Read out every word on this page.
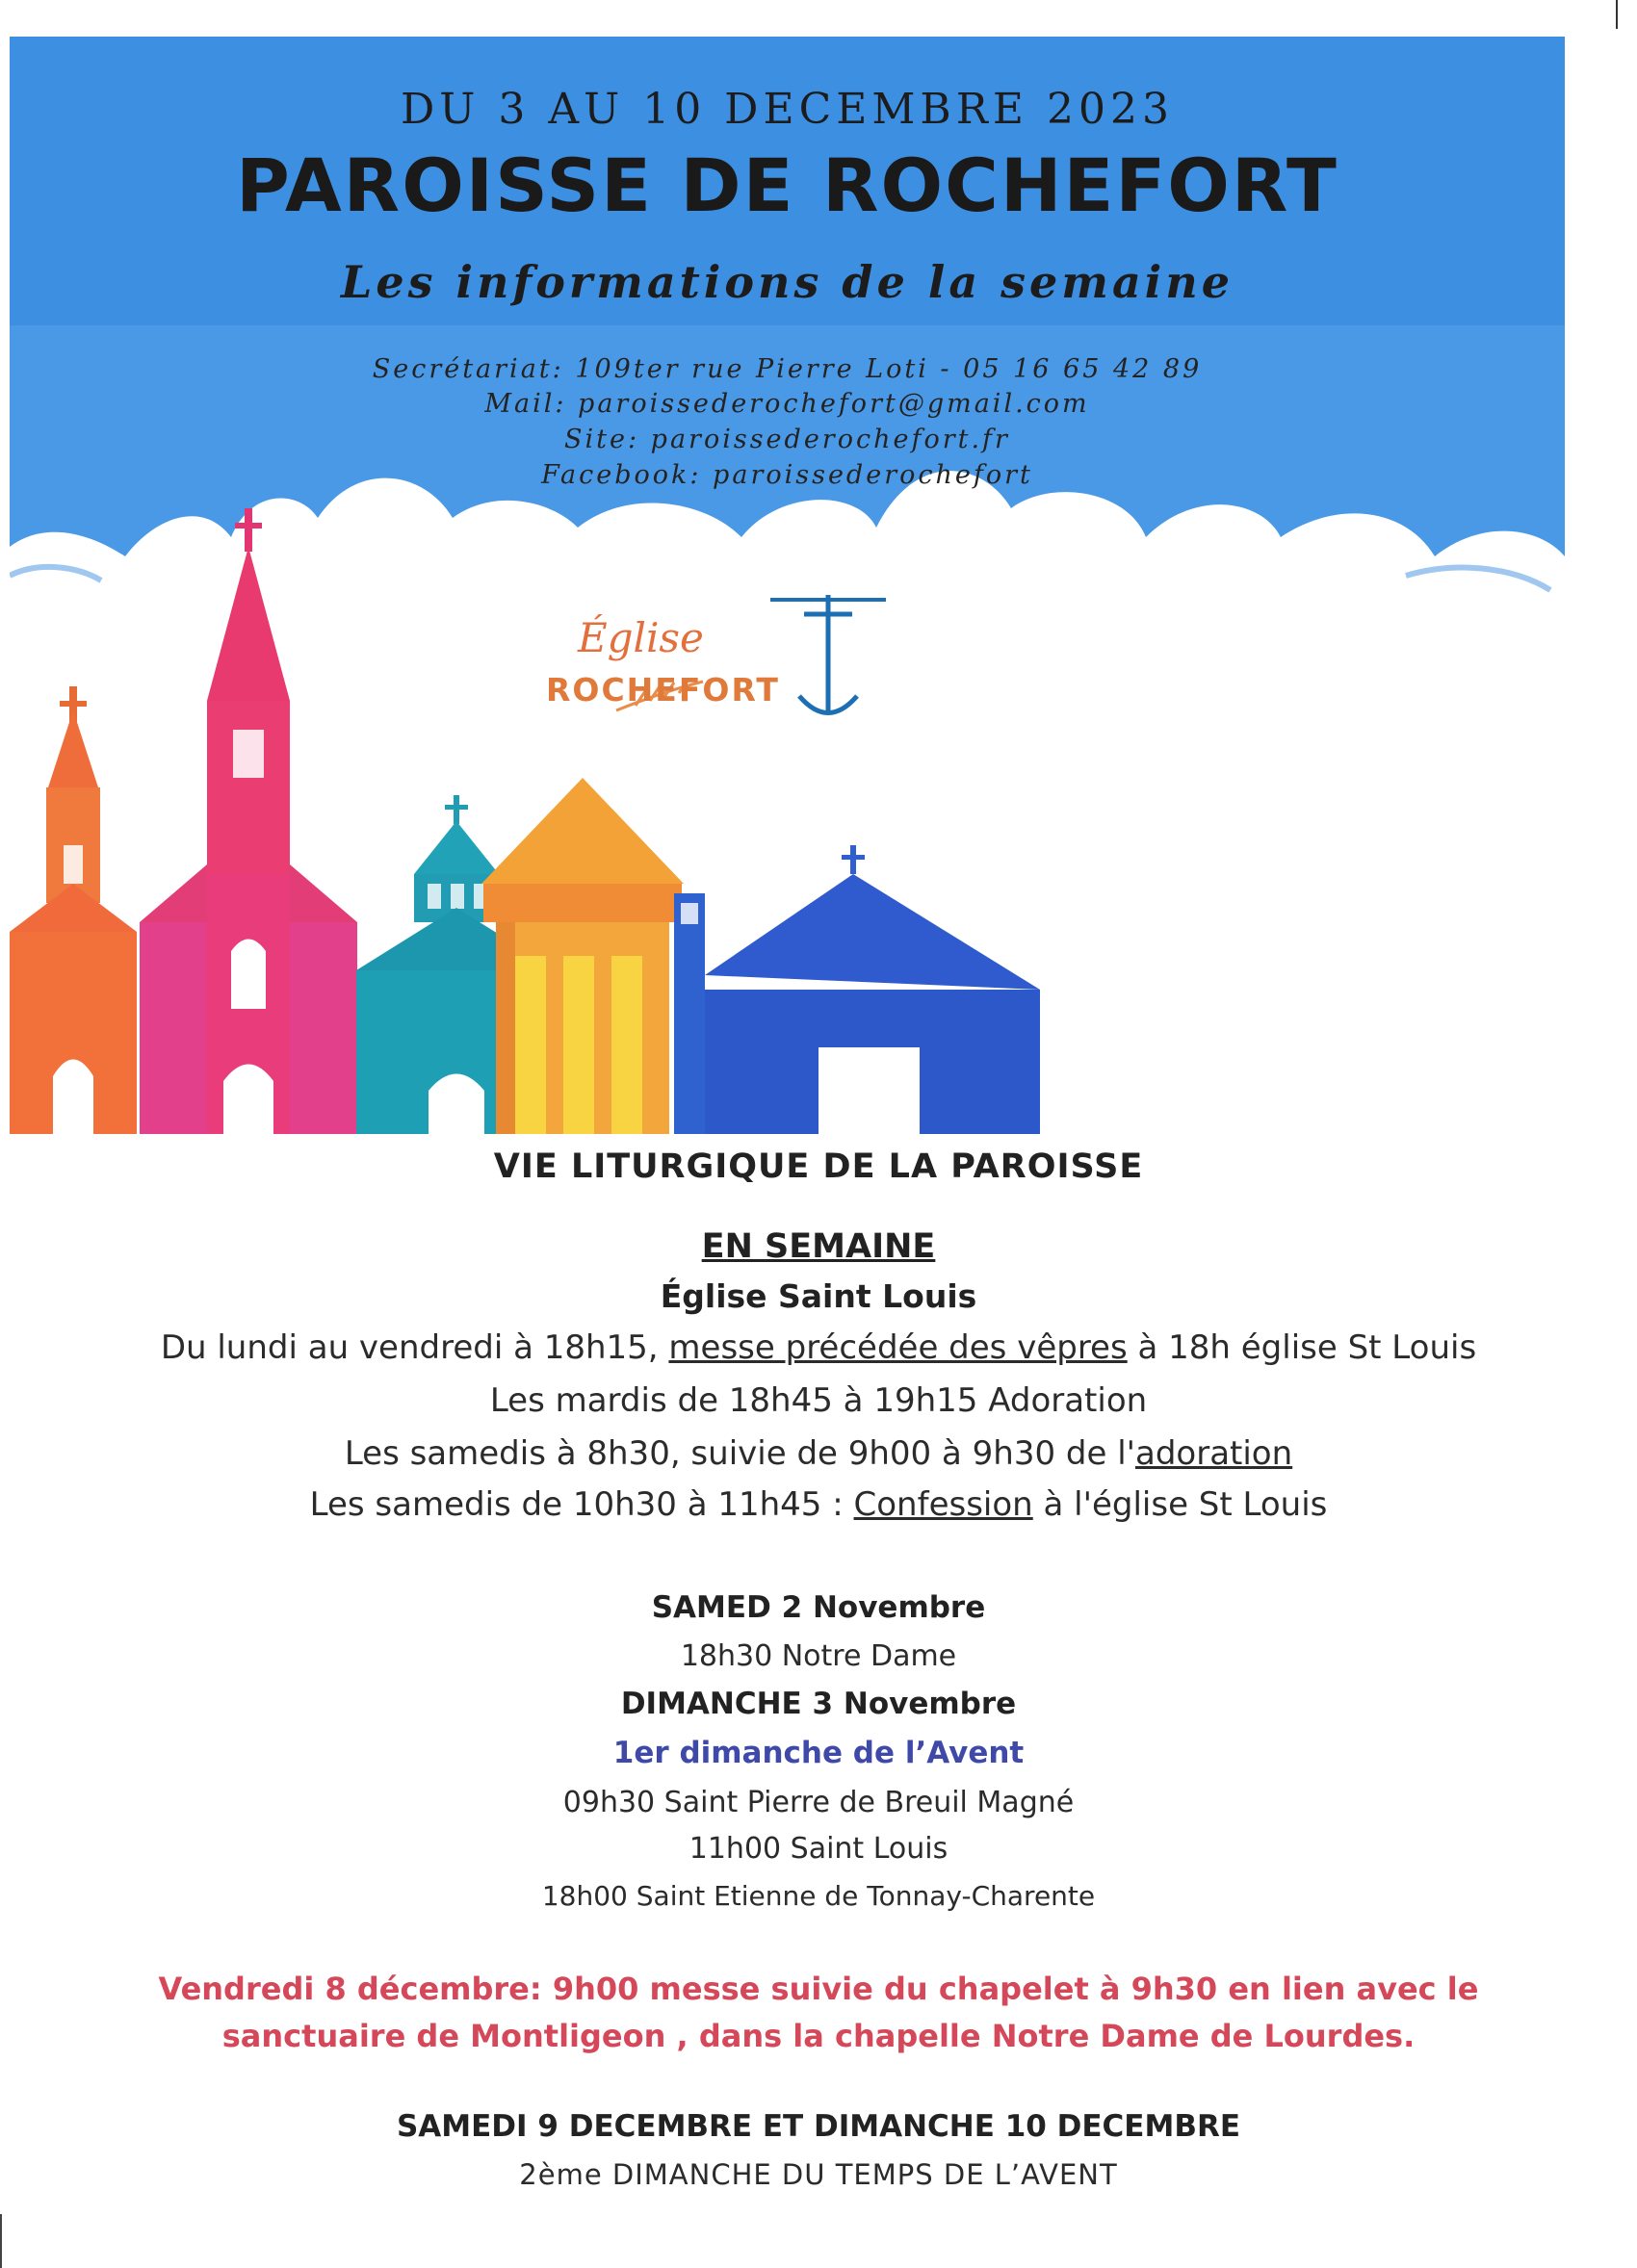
DU 3 AU 10 DECEMBRE 2023
PAROISSE DE ROCHEFORT
Les informations de la semaine
Secrétariat: 109ter rue Pierre Loti - 05 16 65 42 89
Mail: paroissederochefort@gmail.com
Site: paroissederochefort.fr
Facebook: paroissederochefort
Église
ROCHEFORT
VIE LITURGIQUE DE LA PAROISSE
EN SEMAINE
Église Saint Louis
Du lundi au vendredi à 18h15, messe précédée des vêpres à 18h église St Louis
Les mardis de 18h45 à 19h15 Adoration
Les samedis à 8h30, suivie de 9h00 à 9h30 de l'adoration
Les samedis de 10h30 à 11h45 : Confession à l'église St Louis
SAMED 2 Novembre
18h30 Notre Dame
DIMANCHE 3 Novembre
1er dimanche de l’Avent
09h30 Saint Pierre de Breuil Magné
11h00 Saint Louis
18h00 Saint Etienne de Tonnay-Charente
Vendredi 8 décembre: 9h00 messe suivie du chapelet à 9h30 en lien avec le
sanctuaire de Montligeon , dans la chapelle Notre Dame de Lourdes.
SAMEDI 9 DECEMBRE ET DIMANCHE 10 DECEMBRE
2ème DIMANCHE DU TEMPS DE L’AVENT
